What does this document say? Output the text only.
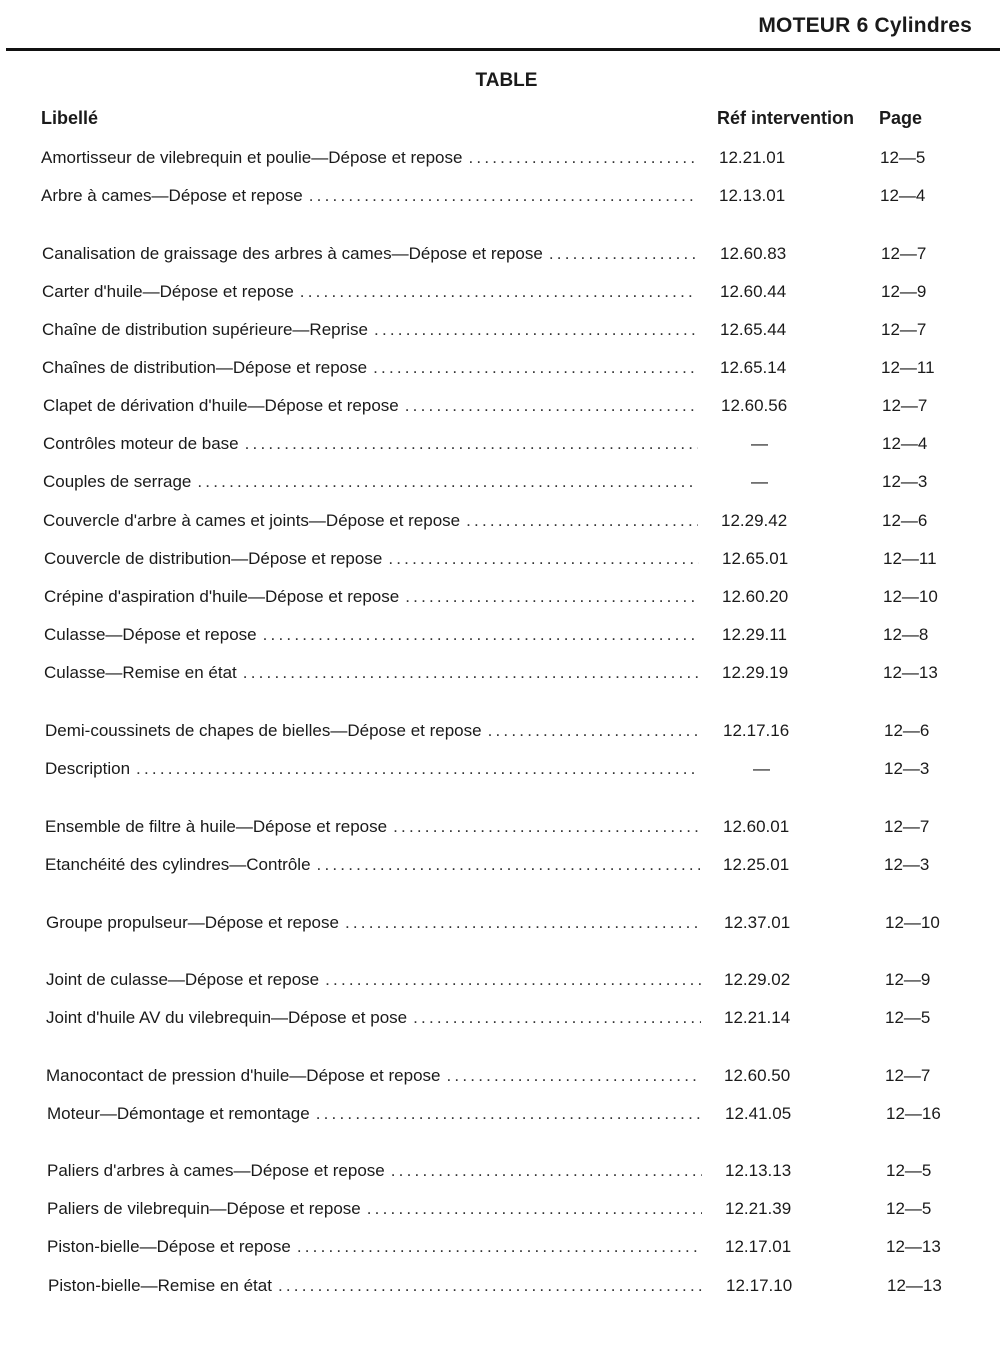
MOTEUR 6 Cylindres
TABLE
Libellé	Réf intervention Page
Amortisseur de vilebrequin et poulie—Dépose et repose .....	12.21.01	12—5
Arbre à cames—Dépose et repose .....	12.13.01	12—4
Canalisation de graissage des arbres à cames—Dépose et repose .....	12.60.83	12—7
Carter d'huile—Dépose et repose .....	12.60.44	12—9
Chaîne de distribution supérieure—Reprise .....	12.65.44	12—7
Chaînes de distribution—Dépose et repose .....	12.65.14	12—11
Clapet de dérivation d'huile—Dépose et repose .....	12.60.56	12—7
Contrôles moteur de base .....	—	12—4
Couples de serrage .....	—	12—3
Couvercle d'arbre à cames et joints—Dépose et repose .....	12.29.42	12—6
Couvercle de distribution—Dépose et repose .....	12.65.01	12—11
Crépine d'aspiration d'huile—Dépose et repose .....	12.60.20	12—10
Culasse—Dépose et repose .....	12.29.11	12—8
Culasse—Remise en état .....	12.29.19	12—13
Demi-coussinets de chapes de bielles—Dépose et repose .....	12.17.16	12—6
Description .....	—	12—3
Ensemble de filtre à huile—Dépose et repose .....	12.60.01	12—7
Etanchéité des cylindres—Contrôle .....	12.25.01	12—3
Groupe propulseur—Dépose et repose .....	12.37.01	12—10
Joint de culasse—Dépose et repose .....	12.29.02	12—9
Joint d'huile AV du vilebrequin—Dépose et pose .....	12.21.14	12—5
Manocontact de pression d'huile—Dépose et repose .....	12.60.50	12—7
Moteur—Démontage et remontage .....	12.41.05	12—16
Paliers d'arbres à cames—Dépose et repose .....	12.13.13	12—5
Paliers de vilebrequin—Dépose et repose .....	12.21.39	12—5
Piston-bielle—Dépose et repose .....	12.17.01	12—13
Piston-bielle—Remise en état .....	12.17.10	12—13
